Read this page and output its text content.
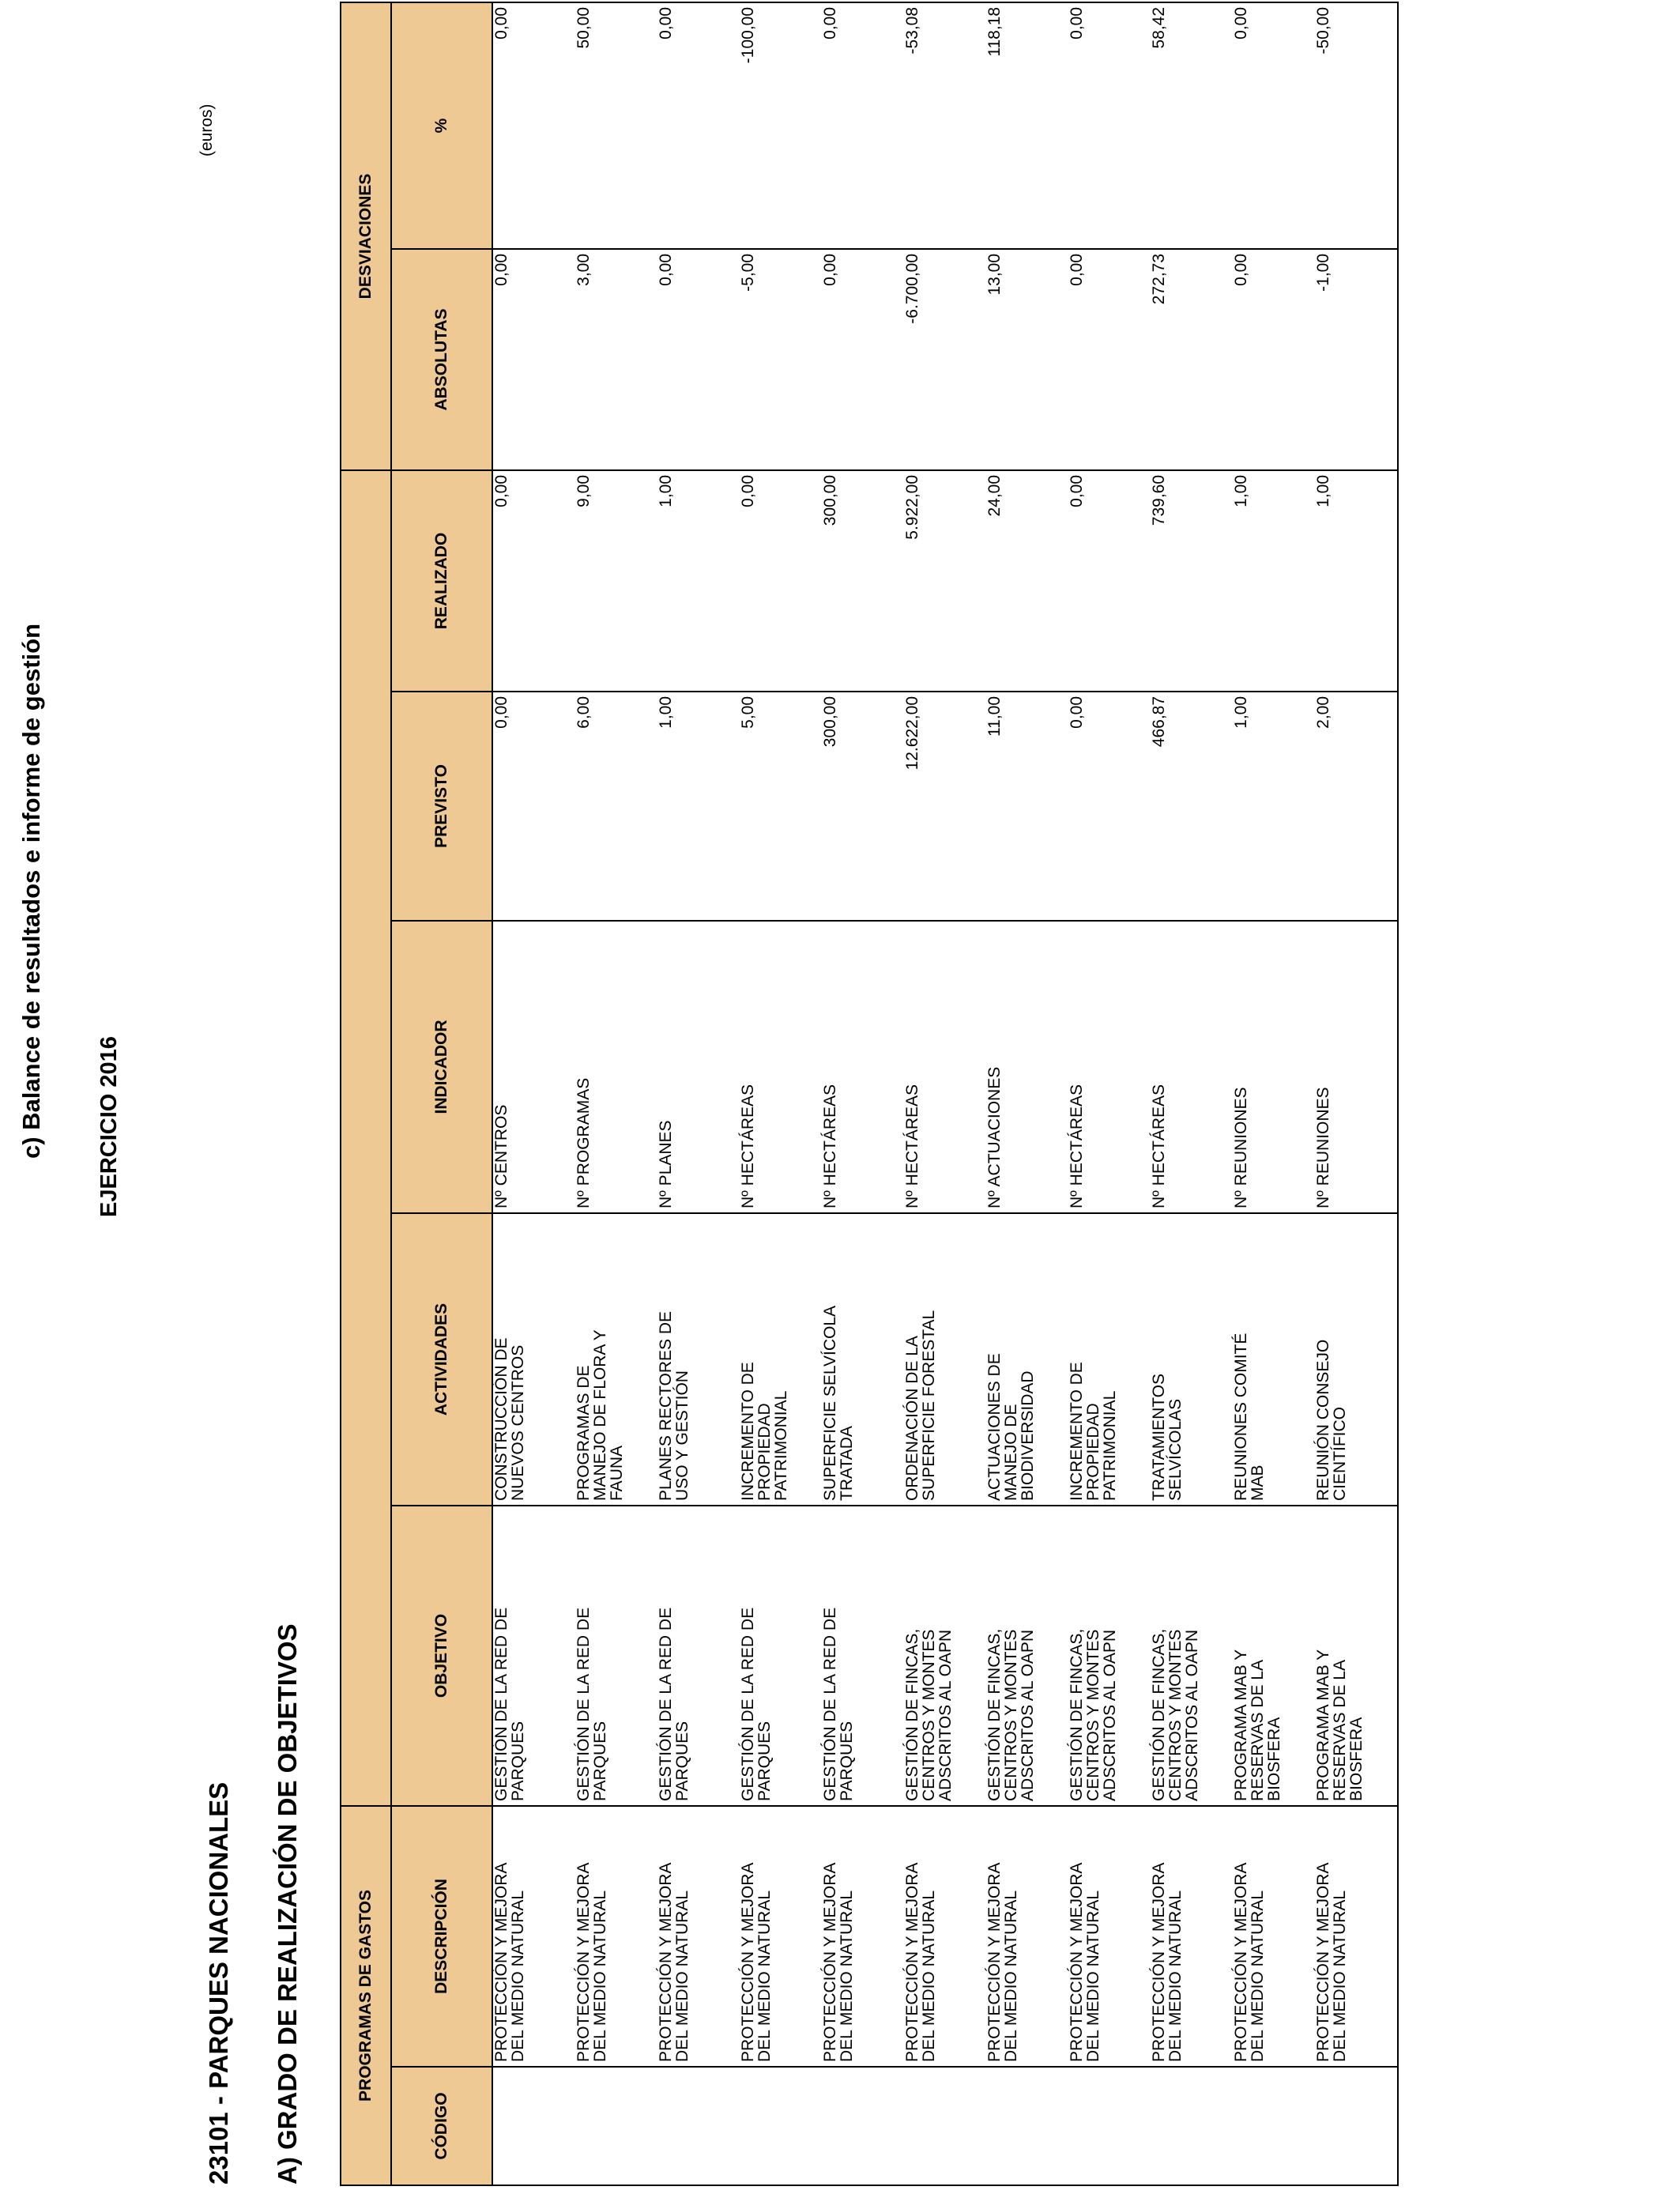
c) Balance de resultados e informe de gestión EJERCICIO 2016
(euros)
23101 - PARQUES NACIONALES A) GRADO DE REALIZACIÓN DE OBJETIVOS	PROGRAMAS DE GASTOS							DESVIACIONES	
CÓDIGO	DESCRIPCIÓN	OBJETIVO	ACTIVIDADES	INDICADOR	PREVISTO	REALIZADO	ABSOLUTAS	%

	PROTECCIÓN Y MEJORA
DEL MEDIO NATURAL	GESTIÓN DE LA RED DE
PARQUES	CONSTRUCCIÓN DE
NUEVOS CENTROS	Nº CENTROS	0,00	0,00	0,00	0,00

	PROTECCIÓN Y MEJORA
DEL MEDIO NATURAL	GESTIÓN DE LA RED DE
PARQUES	PROGRAMAS DE
MANEJO DE FLORA Y
FAUNA	Nº PROGRAMAS	6,00	9,00	3,00	50,00

	PROTECCIÓN Y MEJORA
DEL MEDIO NATURAL	GESTIÓN DE LA RED DE
PARQUES	PLANES RECTORES DE
USO Y GESTIÓN	Nº PLANES	1,00	1,00	0,00	0,00

	PROTECCIÓN Y MEJORA
DEL MEDIO NATURAL	GESTIÓN DE LA RED DE
PARQUES	INCREMENTO DE
PROPIEDAD
PATRIMONIAL	Nº HECTÁREAS	5,00	0,00	-5,00	-100,00

	PROTECCIÓN Y MEJORA
DEL MEDIO NATURAL	GESTIÓN DE LA RED DE
PARQUES	SUPERFICIE SELVÍCOLA
TRATADA	Nº HECTÁREAS	300,00	300,00	0,00	0,00

	PROTECCIÓN Y MEJORA
DEL MEDIO NATURAL	GESTIÓN DE FINCAS,
CENTROS Y MONTES
ADSCRITOS AL OAPN	ORDENACIÓN DE LA
SUPERFICIE FORESTAL	Nº HECTÁREAS	12.622,00	5.922,00	-6.700,00	-53,08

	PROTECCIÓN Y MEJORA
DEL MEDIO NATURAL	GESTIÓN DE FINCAS,
CENTROS Y MONTES
ADSCRITOS AL OAPN	ACTUACIONES DE
MANEJO DE
BIODIVERSIDAD	Nº ACTUACIONES	11,00	24,00	13,00	118,18

	PROTECCIÓN Y MEJORA
DEL MEDIO NATURAL	GESTIÓN DE FINCAS,
CENTROS Y MONTES
ADSCRITOS AL OAPN	INCREMENTO DE
PROPIEDAD
PATRIMONIAL	Nº HECTÁREAS	0,00	0,00	0,00	0,00

	PROTECCIÓN Y MEJORA
DEL MEDIO NATURAL	GESTIÓN DE FINCAS,
CENTROS Y MONTES
ADSCRITOS AL OAPN	TRATAMIENTOS
SELVÍCOLAS	Nº HECTÁREAS	466,87	739,60	272,73	58,42

	PROTECCIÓN Y MEJORA
DEL MEDIO NATURAL	PROGRAMA MAB Y
RESERVAS DE LA
BIOSFERA	REUNIONES COMITÉ
MAB	Nº REUNIONES	1,00	1,00	0,00	0,00

	PROTECCIÓN Y MEJORA
DEL MEDIO NATURAL	PROGRAMA MAB Y
RESERVAS DE LA
BIOSFERA	REUNIÓN CONSEJO
CIENTÍFICO	Nº REUNIONES	2,00	1,00	-1,00	-50,00
